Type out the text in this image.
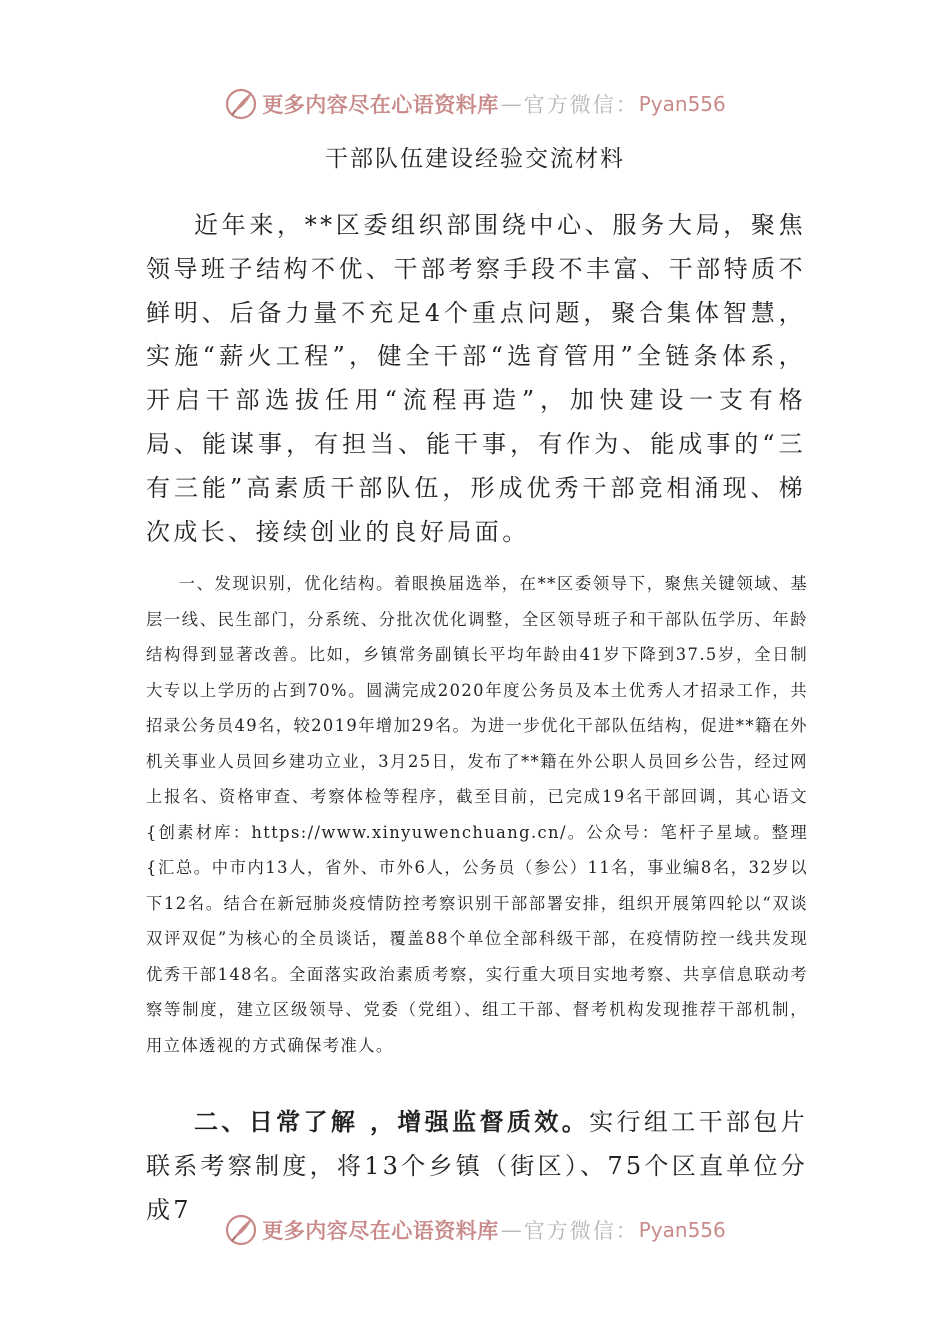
更多内容尽在心语资料库 — 官方微信： Pyan556
干部队伍建设经验交流材料

近年来，**区委组织部围绕中心、服务大局，聚焦领导班子结构不优、干部考察手段不丰富、干部特质不鲜明、后备力量不充足4个重点问题，聚合集体智慧，实施“薪火工程”，健全干部“选育管用”全链条体系，开启干部选拔任用“流程再造”，加快建设一支有格局、能谋事，有担当、能干事，有作为、能成事的“三有三能”高素质干部队伍，形成优秀干部竞相涌现、梯次成长、接续创业的良好局面。

一、发现识别，优化结构。着眼换届选举，在**区委领导下，聚焦关键领域、基层一线、民生部门，分系统、分批次优化调整，全区领导班子和干部队伍学历、年龄结构得到显著改善。比如，乡镇常务副镇长平均年龄由41岁下降到37.5岁，全日制大专以上学历的占到70%。圆满完成2020年度公务员及本土优秀人才招录工作，共招录公务员49名，较2019年增加29名。为进一步优化干部队伍结构，促进**籍在外机关事业人员回乡建功立业，3月25日，发布了**籍在外公职人员回乡公告，经过网上报名、资格审查、考察体检等程序，截至目前，已完成19名干部回调，其心语文{创素材库：https://www.xinyuwenchuang.cn/。公众号：笔杆子星域。整理{汇总。中市内13人，省外、市外6人，公务员（参公）11名，事业编8名，32岁以下12名。结合在新冠肺炎疫情防控考察识别干部部署安排，组织开展第四轮以“双谈双评双促”为核心的全员谈话，覆盖88个单位全部科级干部，在疫情防控一线共发现优秀干部148名。全面落实政治素质考察，实行重大项目实地考察、共享信息联动考察等制度，建立区级领导、党委（党组）、组工干部、督考机构发现推荐干部机制，用立体透视的方式确保考准人。

二、日常了解 ，增强监督质效。实行组工干部包片联系考察制度，将13个乡镇（街区）、75个区直单位分成7

更多内容尽在心语资料库 — 官方微信： Pyan556
